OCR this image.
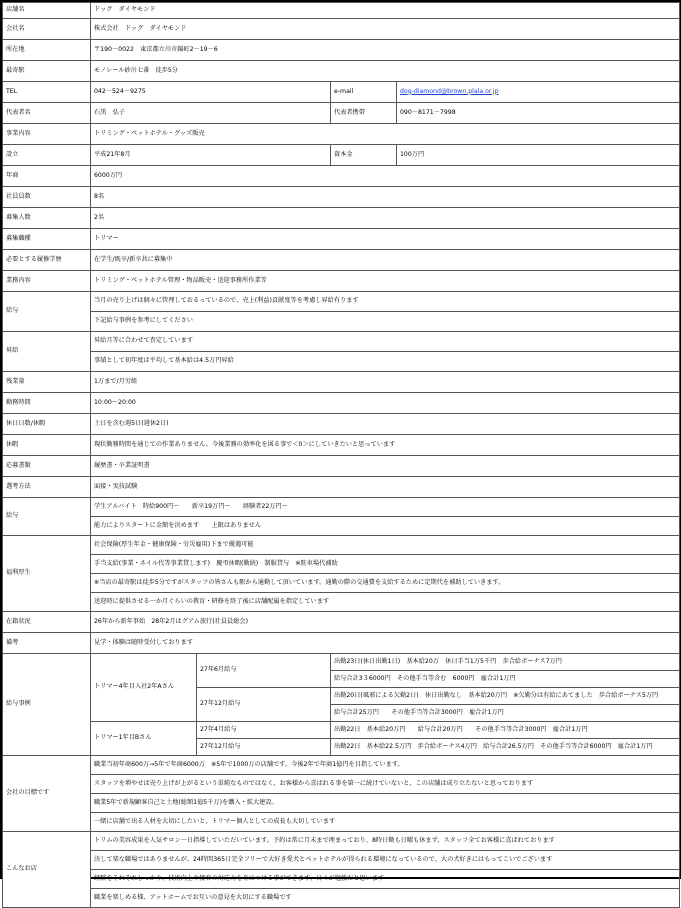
店舗名	ドッグ　ダイヤモンド			
会社名	株式会社　ドッグ　ダイヤモンド			
所在地	〒190－0022　東京都立川市錦町2－19－6			
最寄駅	モノレール砂川七番　徒歩5分			
TEL	042－524－9275		e-mail	dog-diamond@brown.plala.or.jp
代表者名	石黒　弘子		代表者携帯	090－8171－7998
事業内容	トリミング・ペットホテル・グッズ販売			
設立	平成21年8月		資本金	100万円
年商	6000万円			
社員員数	8名			
募集人数	2名			
募集職種	トリマー			
必要とする履修学歴	在学生/既卒/新卒共に募集中			
業務内容	トリミング・ペットホテル管理・物品販売・送迎事務所作業等			
給与	当月の売り上げは個々に管理しておるっているので、売上(利益)貢献度等を考慮し昇給有ります			
	下記給与事例を参考にしてください			
昇給	昇給月等に合わせて査定しています			
	事績として初年度は平均して基本給は4.5万円昇給			
残業量	1万まで/月労組			
勤務時間	10:00～20:00			
休日日数/休暇	土日を含む週5日(週休2日)			
休暇	現状勤務時間を通じての作業ありません。今後業務の効率化を図る事で＜0＞にしていきたいと思っています			
応募書類	履歴書・卒業証明書			
選考方法	面接・実技試験			
給与	学生アルバイト　時給900円～　　新卒19万円～　　経験者22万円～			
	能力によりスタートに金額を決めます　　上限はありません			
福利厚生	社会保険(厚生年金・健康保険・労災雇用)下まで優遇可能			
	手当支給(事業・ネイル代等事業貸します)　慶弔休暇(勤続)　制服貸与　※駐車場代補助			
	※当店の最寄駅は徒歩5分ですがスタッフの皆さんも駅から通勤して頂いています。通勤の際の交通費を支給するために定期代を補助していきます。			
	送迎時に提供させる一か月ぐらいの教育・研修を終了後に店舗配属を指定しています			
在籍状況	26年から新年事始　28年2月はグアム旅行(社員員総会)			
備考	見学・体験は随時受付しております			
給与事例	トリマー4年目入社2年Aさん	27年6月給与	出勤23日(休日出勤1日)　基本給20万　休日手当1万5千円　歩合給ボーナス7万円	
			給与合計3３6000円　その他手当等含む　6000円　雇合計1万円	
		27年12月給与	出勤20日(風邪による欠勤2日)　休日出勤なし　基本給20万円　※欠勤分は有給にあてました　歩合給ボーナス5万円	
			給与合計25万円　　その他手当等合計3000円　雇合計1万円	
	トリマー1年目Bさん	27年4月給与	出勤22日　基本給20万円　　給与合計20万円　　その他手当等合計3000円　雇合計1万円	
		27年12月給与	出勤22日　基本給22.5万円　歩合給ボーナス4万円　給与合計26.5万円　その他手当等合計6000円　雇合計1万円	
会社の目標です	職業当初年商600万→5年で年商6000万　※5年で1000万の店舗です。今後2年で年商1億円を目指しています。			
	スタッフを増やせば売り上げが上がるという単純なものではなく、お客様から喜ばれる事を第一に続けていないと、この店舗は成り立たないと思っております			
	職業5年で新規顧客自己と土地(総額1億5千万)を購入・拡大建設。			
	一緒に店舗で出る人材を大切にしたいと、トリマー個人としての成長も大切しています			
こんなお店	トリムの美容成果を人気サロン一日指導していただいています。予約は常に月末まで埋まっており、8時日勤も日曜も休まず、スタッフ全てお客様に喜ばれております			
	決して楽な職場ではありませんが、24時間365日完全フリーで大好き愛犬とペットホテルが得られる環境になっているので、大の犬好きにはもってこいでございます			
	経験をそれぞれしっかり、技術向上や接客の対応力を身につける事ができます。日々が勉強だと思います			
	職業を楽しめる様、アットホームでお互いの意見を大切にする職場です			
